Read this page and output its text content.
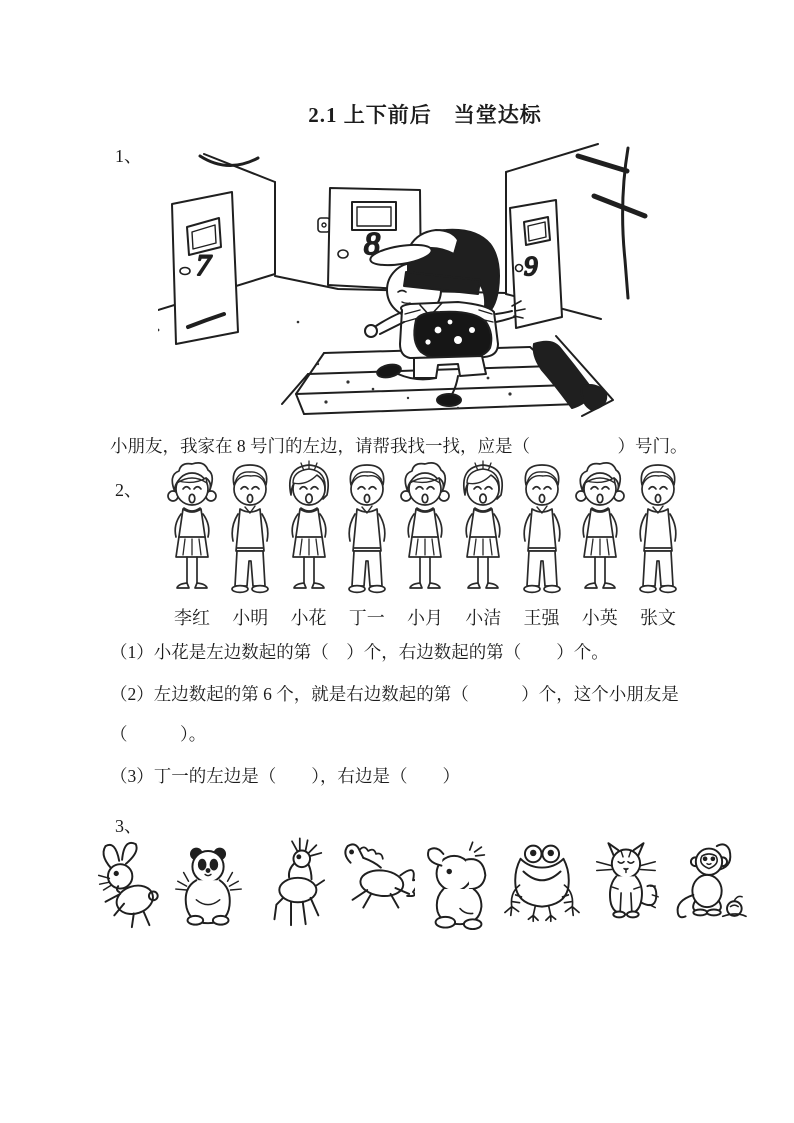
2.1 上下前后　当堂达标
1、
7
8
9
小朋友，我家在 8 号门的左边，请帮我找一找，应是（　　　　　）号门。
2、
李红 小明 小花 丁一 小月 小洁 王强 小英 张文
（1）小花是左边数起的第（　）个，右边数起的第（　　）个。
（2）左边数起的第 6 个，就是右边数起的第（　　　）个，这个小朋友是（　　　）。
（3）丁一的左边是（　　），右边是（　　）
3、
